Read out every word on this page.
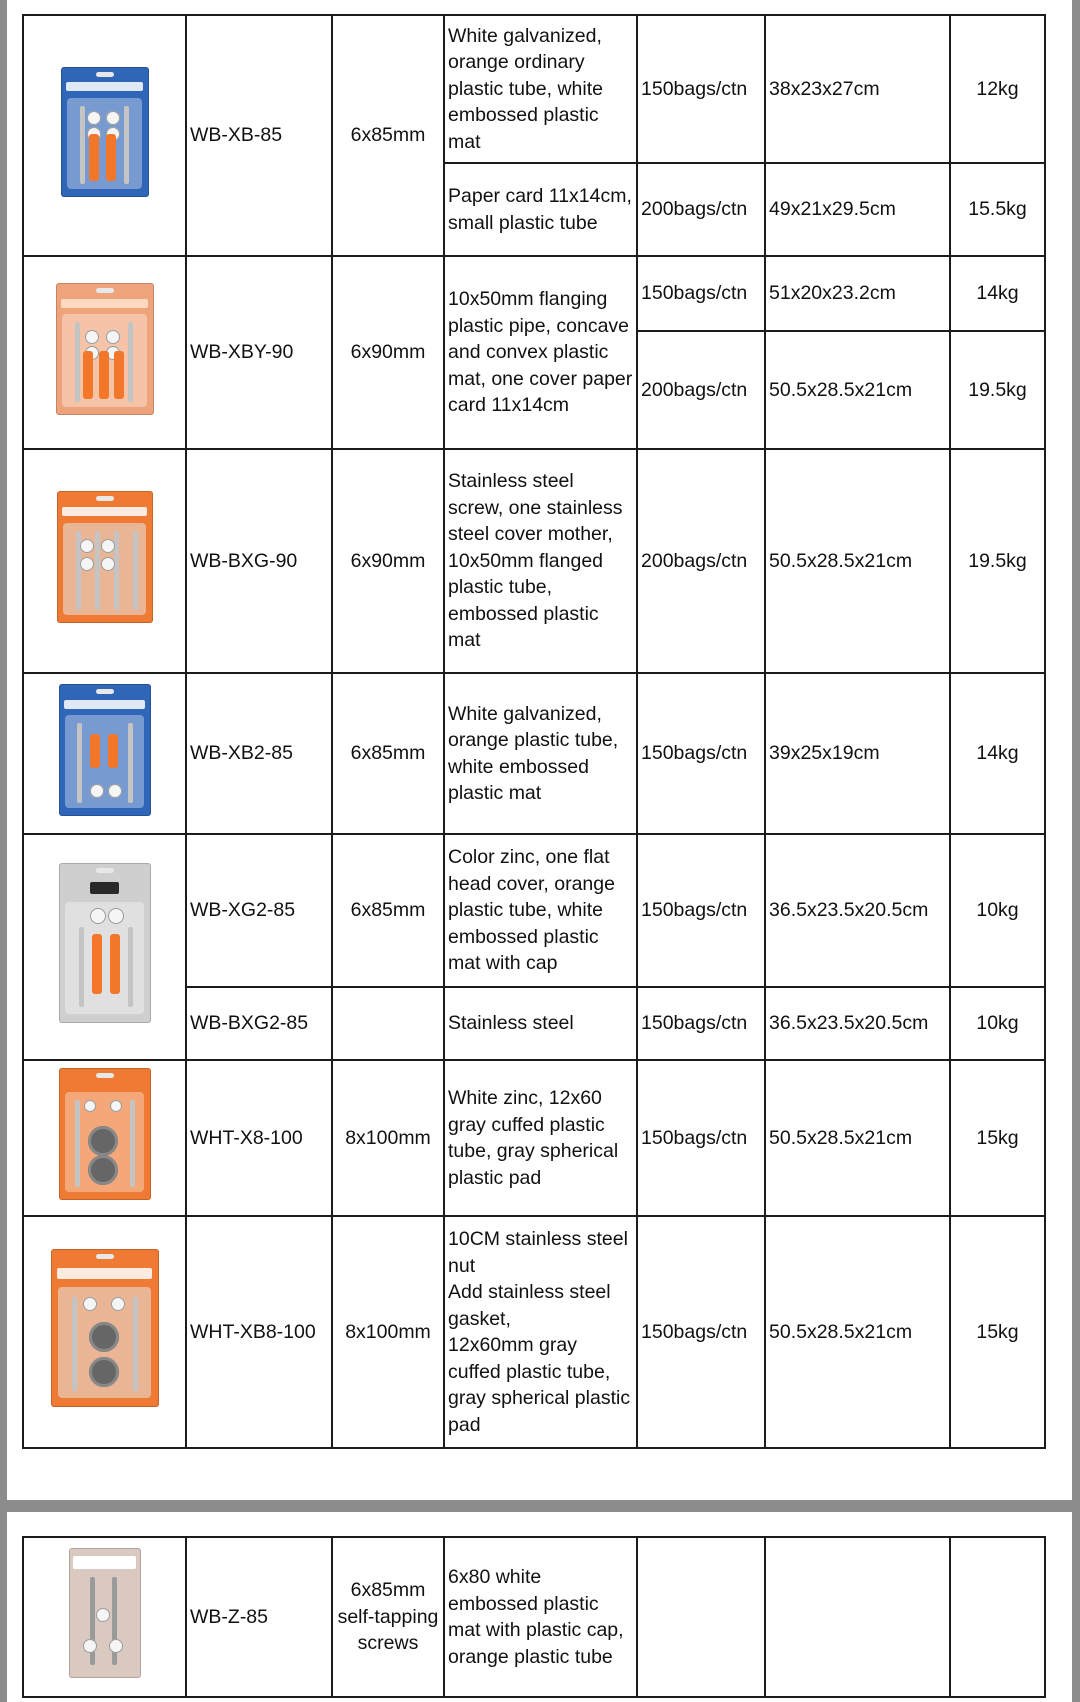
	WB-XB-85	6x85mm	White galvanized, orange ordinary plastic tube, white embossed plastic mat	150bags/ctn	38x23x27cm	12kg
			Paper card 11x14cm, small plastic tube	200bags/ctn	49x21x29.5cm	15.5kg

	WB-XBY-90	6x90mm	10x50mm flanging plastic pipe, concave and convex plastic mat, one cover paper card 11x14cm	150bags/ctn	51x20x23.2cm	14kg
				200bags/ctn	50.5x28.5x21cm	19.5kg

	WB-BXG-90	6x90mm	Stainless steel screw, one stainless steel cover mother, 10x50mm flanged plastic tube, embossed plastic mat	200bags/ctn	50.5x28.5x21cm	19.5kg

	WB-XB2-85	6x85mm	White galvanized, orange plastic tube, white embossed plastic mat	150bags/ctn	39x25x19cm	14kg

	WB-XG2-85	6x85mm	Color zinc, one flat head cover, orange plastic tube, white embossed plastic mat with cap	150bags/ctn	36.5x23.5x20.5cm	10kg
	WB-BXG2-85		Stainless steel	150bags/ctn	36.5x23.5x20.5cm	10kg

	WHT-X8-100	8x100mm	White zinc, 12x60 gray cuffed plastic tube, gray spherical plastic pad	150bags/ctn	50.5x28.5x21cm	15kg

	WHT-XB8-100	8x100mm	10CM stainless steel nut
Add stainless steel gasket,
12x60mm gray cuffed plastic tube, gray spherical plastic pad	150bags/ctn	50.5x28.5x21cm	15kg
	WB-Z-85	6x85mm self-tapping screws	6x80 white embossed plastic mat with plastic cap, orange plastic tube			
